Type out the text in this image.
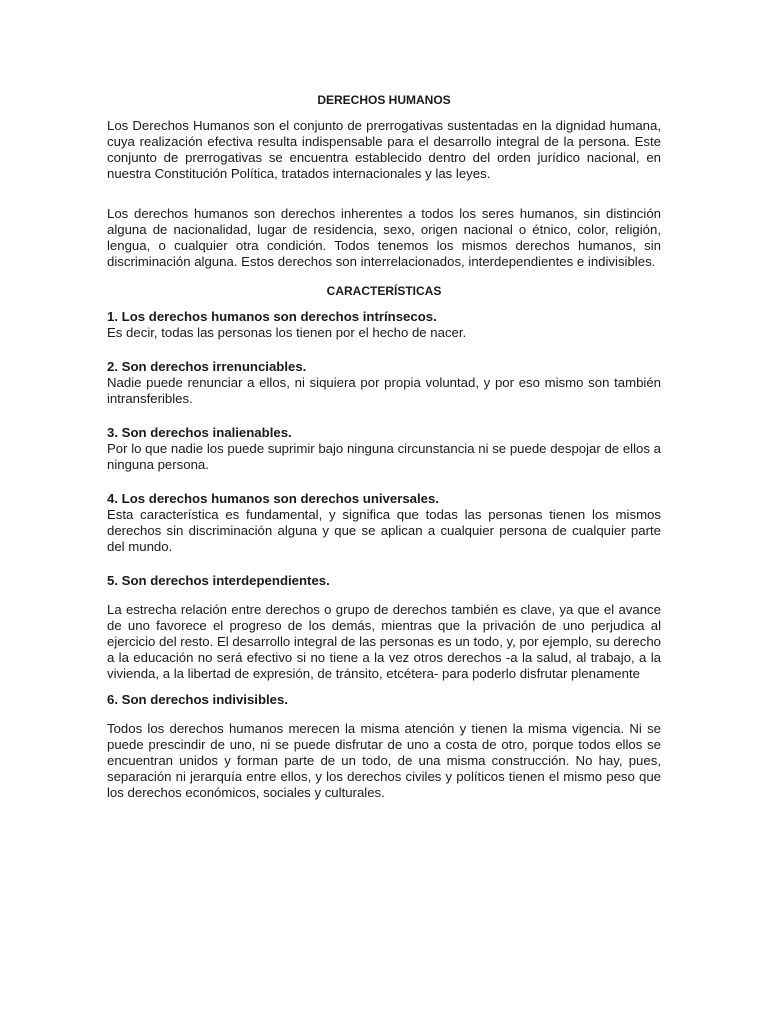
DERECHOS HUMANOS

Los Derechos Humanos son el conjunto de prerrogativas sustentadas en la dignidad humana, cuya realización efectiva resulta indispensable para el desarrollo integral de la persona. Este conjunto de prerrogativas se encuentra establecido dentro del orden jurídico nacional, en nuestra Constitución Política, tratados internacionales y las leyes.

Los derechos humanos son derechos inherentes a todos los seres humanos, sin distinción alguna de nacionalidad, lugar de residencia, sexo, origen nacional o étnico, color, religión, lengua, o cualquier otra condición. Todos tenemos los mismos derechos humanos, sin discriminación alguna. Estos derechos son interrelacionados, interdependientes e indivisibles.

CARACTERÍSTICAS

1. Los derechos humanos son derechos intrínsecos.

Es decir, todas las personas los tienen por el hecho de nacer.

2. Son derechos irrenunciables.

Nadie puede renunciar a ellos, ni siquiera por propia voluntad, y por eso mismo son también intransferibles.

3. Son derechos inalienables.

Por lo que nadie los puede suprimir bajo ninguna circunstancia ni se puede despojar de ellos a ninguna persona.

4. Los derechos humanos son derechos universales.

Esta característica es fundamental, y significa que todas las personas tienen los mismos derechos sin discriminación alguna y que se aplican a cualquier persona de cualquier parte del mundo.

5. Son derechos interdependientes.

La estrecha relación entre derechos o grupo de derechos también es clave, ya que el avance de uno favorece el progreso de los demás, mientras que la privación de uno perjudica al ejercicio del resto. El desarrollo integral de las personas es un todo, y, por ejemplo, su derecho a la educación no será efectivo si no tiene a la vez otros derechos -a la salud, al trabajo, a la vivienda, a la libertad de expresión, de tránsito, etcétera- para poderlo disfrutar plenamente

6. Son derechos indivisibles.

Todos los derechos humanos merecen la misma atención y tienen la misma vigencia. Ni se puede prescindir de uno, ni se puede disfrutar de uno a costa de otro, porque todos ellos se encuentran unidos y forman parte de un todo, de una misma construcción. No hay, pues, separación ni jerarquía entre ellos, y los derechos civiles y políticos tienen el mismo peso que los derechos económicos, sociales y culturales.
